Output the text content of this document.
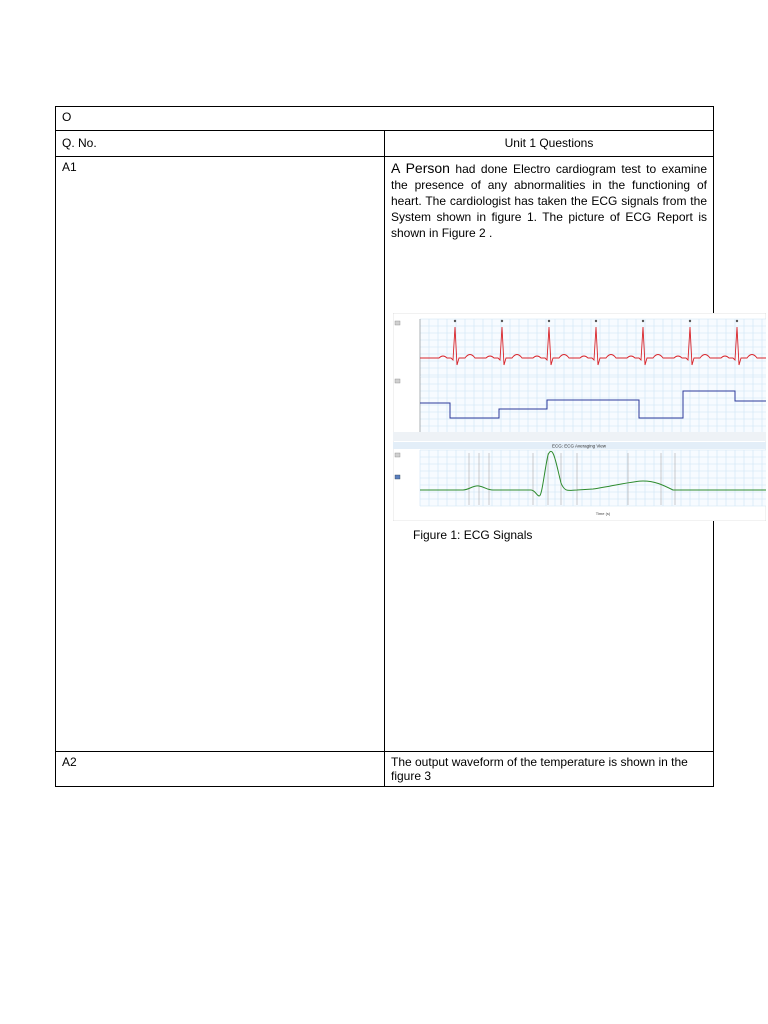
O	
Q. No.	Unit 1 Questions
A1	A Person had done Electro cardiogram test to examine the presence of any abnormalities in the functioning of heart. The cardiologist has taken the ECG signals from the System shown in figure 1. The picture of ECG Report is shown in Figure 2 .
ECG: ECG Averaging View
Time (s)
Figure 1: ECG Signals

A2	The output waveform of the temperature is shown in the figure 3
